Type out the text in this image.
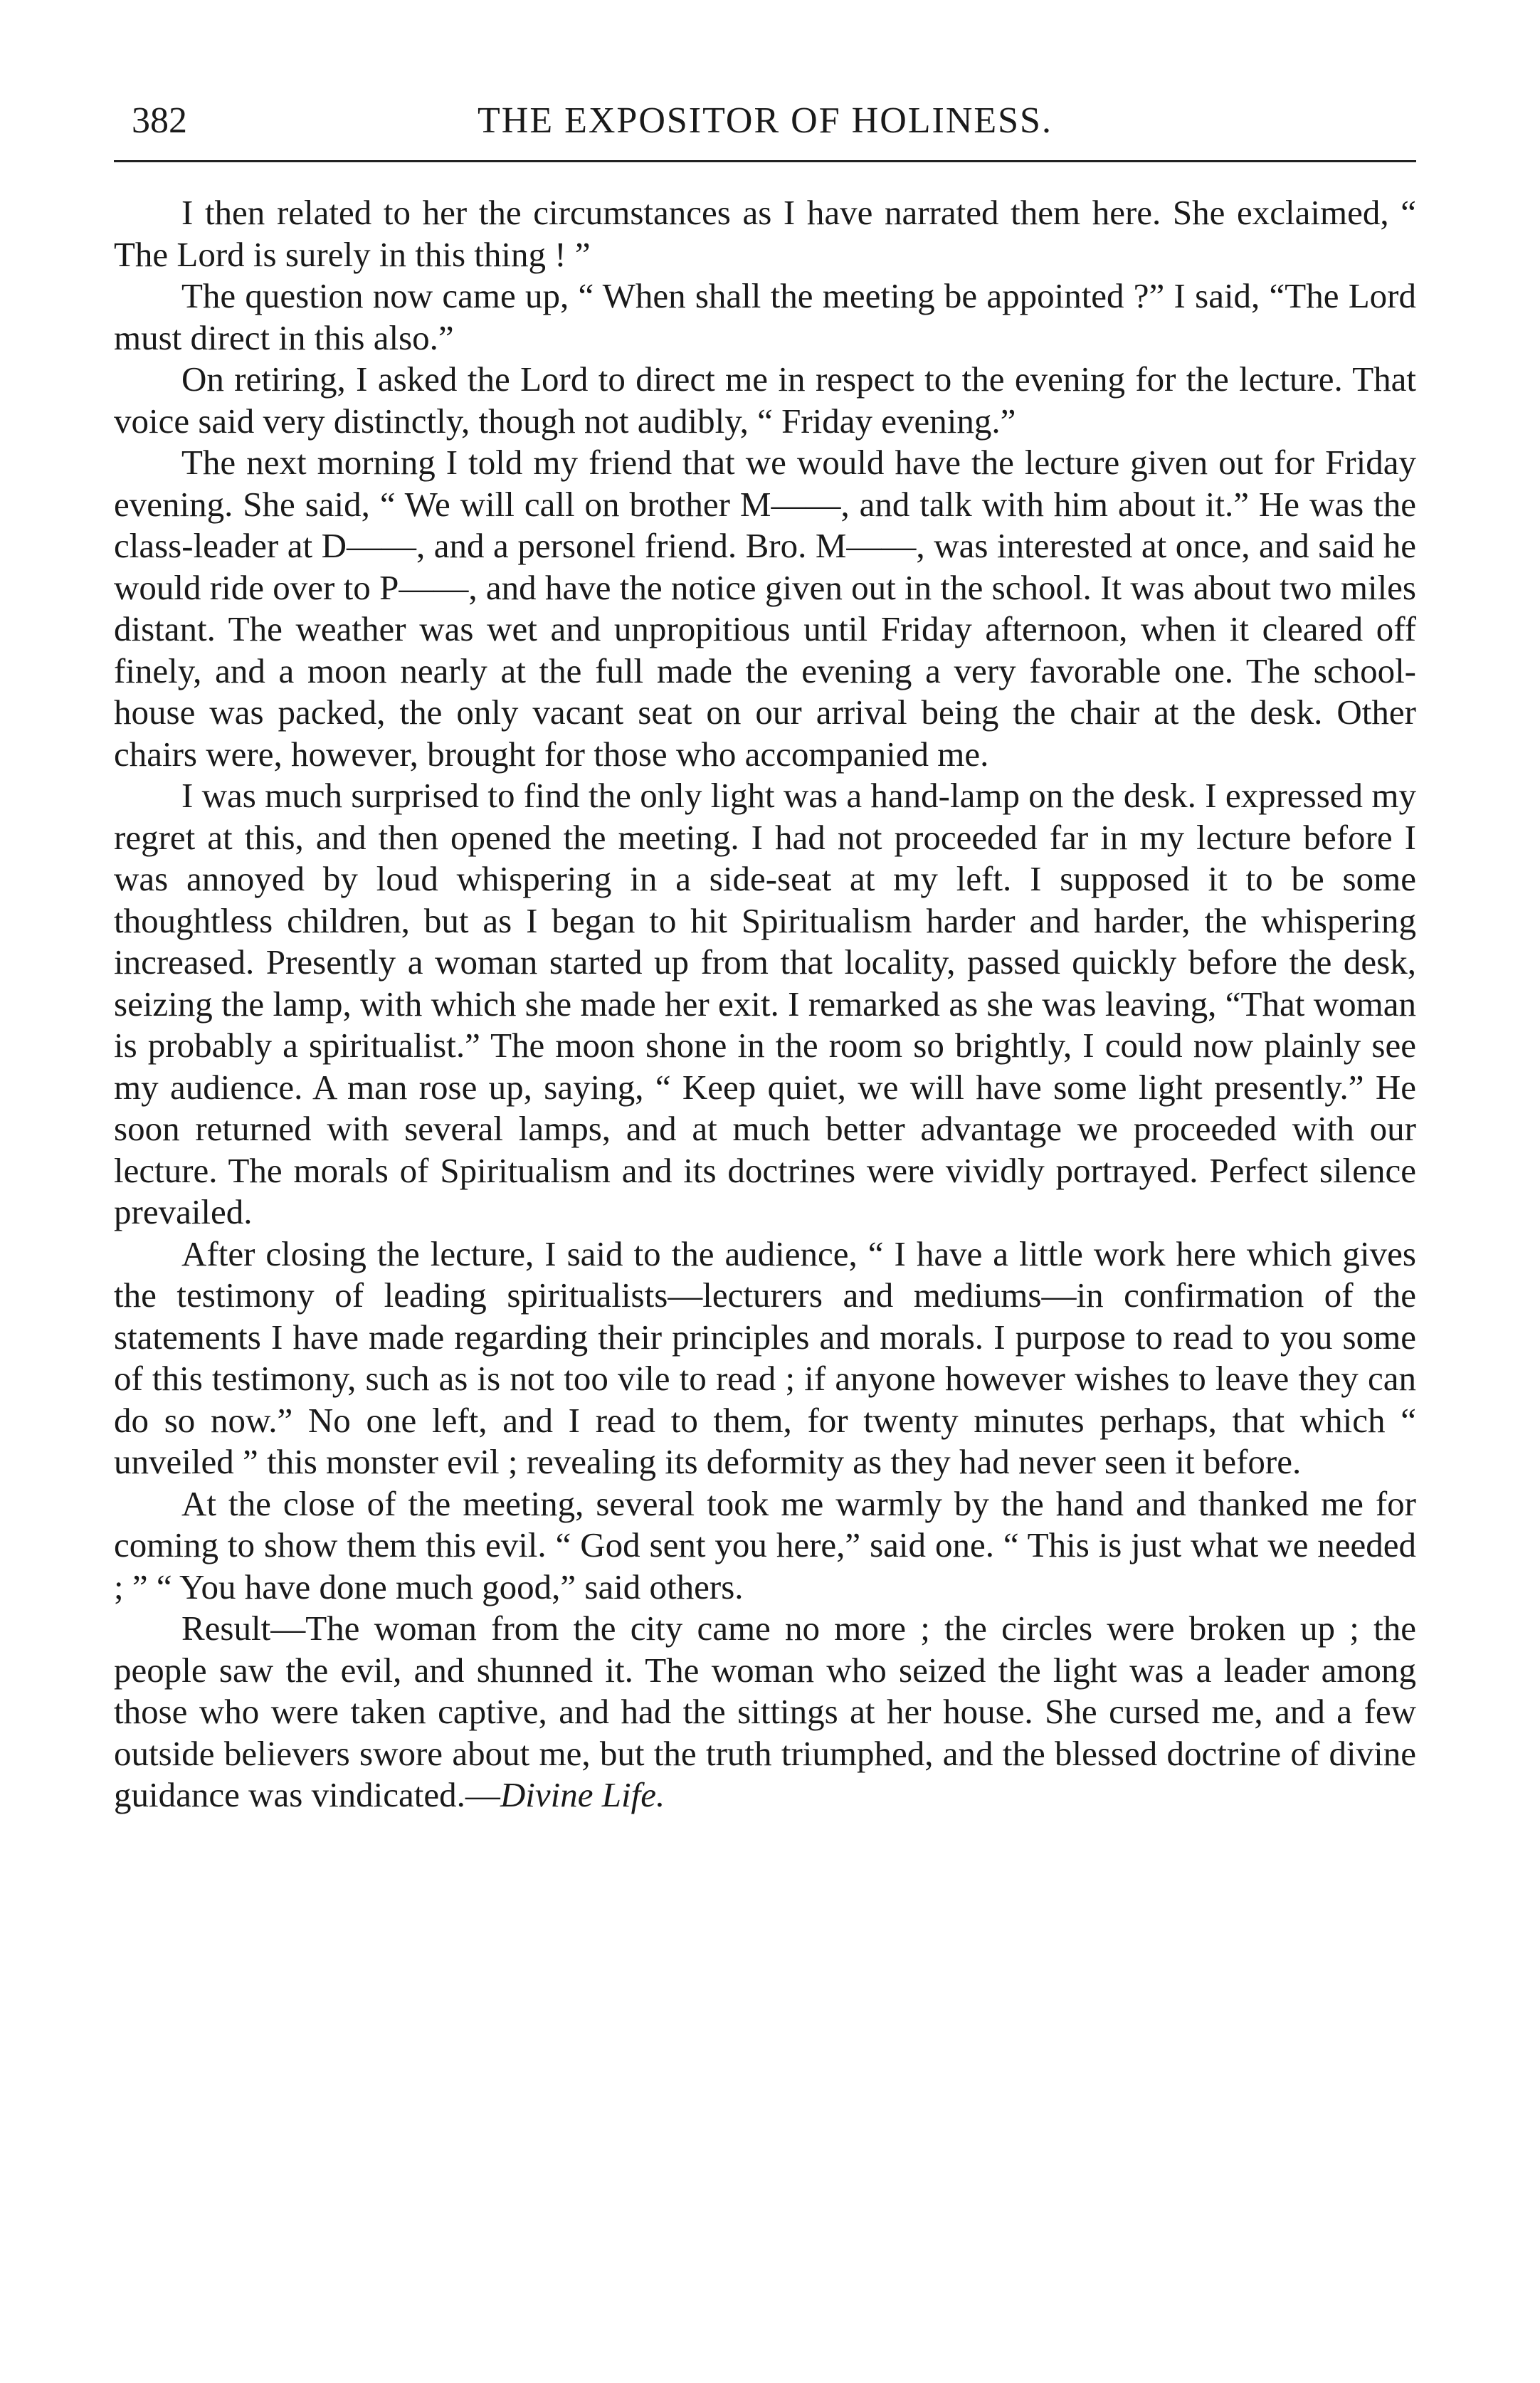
382	THE EXPOSITOR OF HOLINESS.

I then related to her the circumstances as I have narrated them here. She exclaimed, “ The Lord is surely in this thing ! ”

The question now came up, “ When shall the meeting be appointed ?” I said, “The Lord must direct in this also.”

On retiring, I asked the Lord to direct me in respect to the evening for the lecture. That voice said very distinctly, though not audibly, “ Friday evening.”

The next morning I told my friend that we would have the lecture given out for Friday evening. She said, “ We will call on brother M——, and talk with him about it.” He was the class-leader at D——, and a personel friend. Bro. M——, was interested at once, and said he would ride over to P——, and have the notice given out in the school. It was about two miles distant. The weather was wet and unpropitious until Friday afternoon, when it cleared off finely, and a moon nearly at the full made the evening a very favorable one. The school-house was packed, the only vacant seat on our arrival being the chair at the desk. Other chairs were, however, brought for those who accompanied me.

I was much surprised to find the only light was a hand-lamp on the desk. I expressed my regret at this, and then opened the meeting. I had not proceeded far in my lecture before I was annoyed by loud whispering in a side-seat at my left. I supposed it to be some thoughtless children, but as I began to hit Spiritualism harder and harder, the whispering increased. Presently a woman started up from that locality, passed quickly before the desk, seizing the lamp, with which she made her exit. I remarked as she was leaving, “That woman is probably a spiritualist.” The moon shone in the room so brightly, I could now plainly see my audience. A man rose up, saying, “ Keep quiet, we will have some light presently.” He soon returned with several lamps, and at much better advantage we proceeded with our lecture. The morals of Spiritualism and its doctrines were vividly portrayed. Perfect silence prevailed.

After closing the lecture, I said to the audience, “ I have a little work here which gives the testimony of leading spiritualists—lecturers and mediums—in confirmation of the statements I have made regarding their principles and morals. I purpose to read to you some of this testimony, such as is not too vile to read ; if anyone however wishes to leave they can do so now.” No one left, and I read to them, for twenty minutes perhaps, that which “ unveiled ” this monster evil ; revealing its deformity as they had never seen it before.

At the close of the meeting, several took me warmly by the hand and thanked me for coming to show them this evil. “ God sent you here,” said one. “ This is just what we needed ; ” “ You have done much good,” said others.

Result—The woman from the city came no more ; the circles were broken up ; the people saw the evil, and shunned it. The woman who seized the light was a leader among those who were taken captive, and had the sittings at her house. She cursed me, and a few outside believers swore about me, but the truth triumphed, and the blessed doctrine of divine guidance was vindicated.—Divine Life.
